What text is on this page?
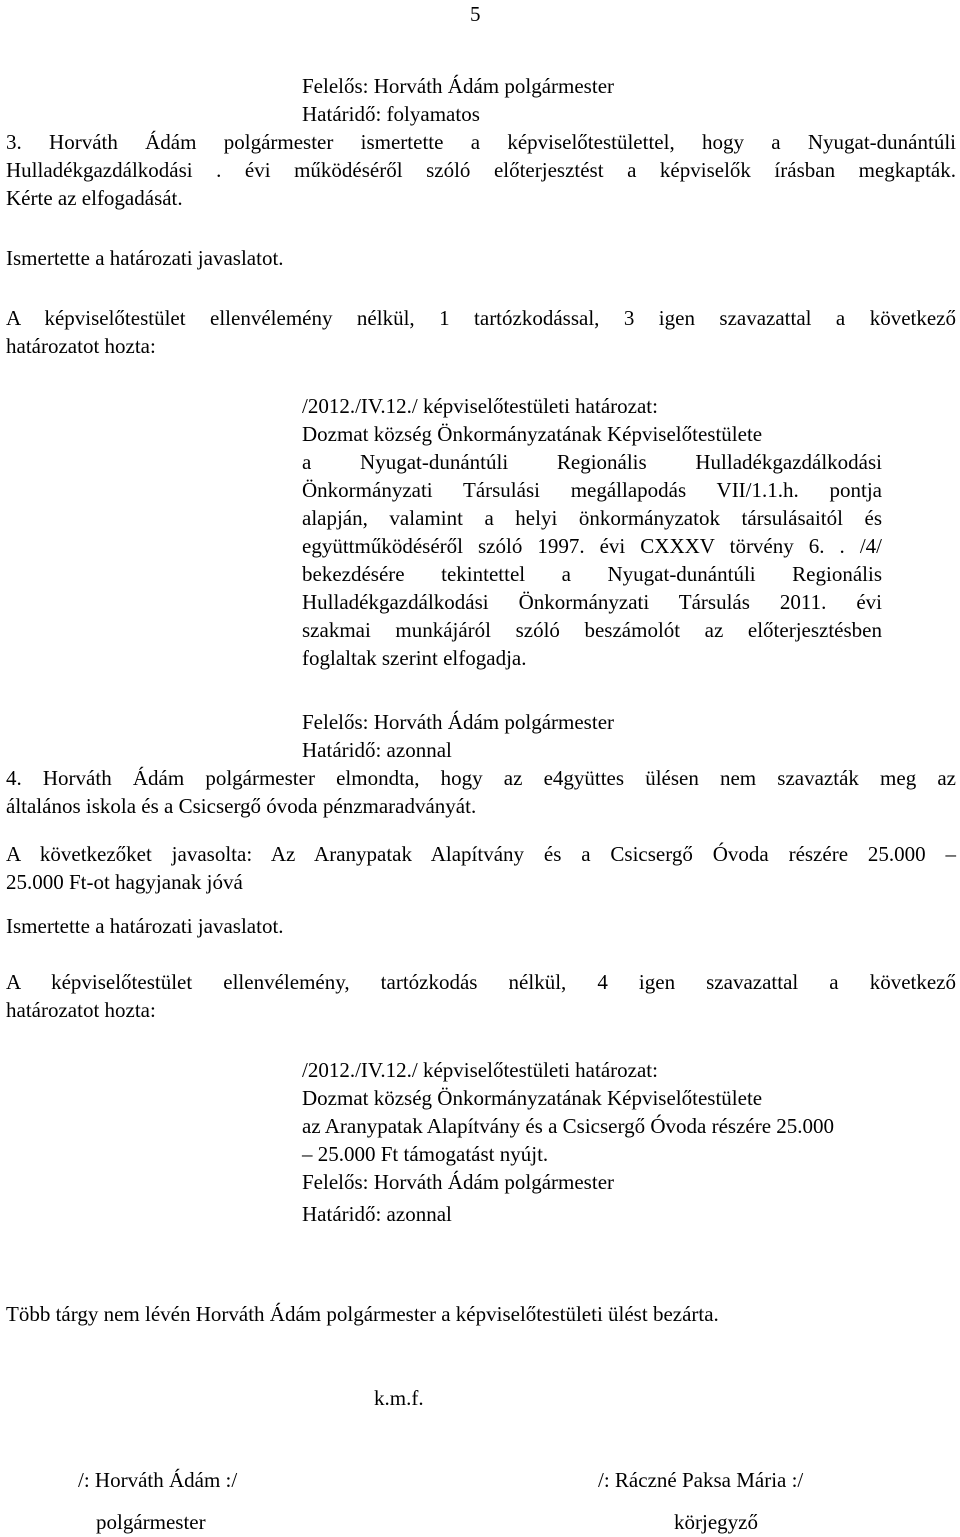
5
Felelős: Horváth Ádám polgármester
Határidő: folyamatos
3. Horváth Ádám polgármester ismertette a képviselőtestülettel, hogy a Nyugat-dunántúli
Hulladékgazdálkodási . évi működéséről szóló előterjesztést a képviselők írásban megkapták.
Kérte az elfogadását.
Ismertette a határozati javaslatot.
A képviselőtestület ellenvélemény nélkül, 1 tartózkodással, 3 igen szavazattal a következő
határozatot hozta:
/2012./IV.12./ képviselőtestületi határozat:
Dozmat község Önkormányzatának Képviselőtestülete
a Nyugat-dunántúli Regionális Hulladékgazdálkodási
Önkormányzati Társulási megállapodás VII/1.1.h. pontja
alapján, valamint a helyi önkormányzatok társulásaitól és
együttműködéséről szóló 1997. évi CXXXV törvény 6. . /4/
bekezdésére tekintettel a Nyugat-dunántúli Regionális
Hulladékgazdálkodási Önkormányzati Társulás 2011. évi
szakmai munkájáról szóló beszámolót az előterjesztésben
foglaltak szerint elfogadja.
Felelős: Horváth Ádám polgármester
Határidő: azonnal
4. Horváth Ádám polgármester elmondta, hogy az e4gyüttes ülésen nem szavazták meg az
általános iskola és a Csicsergő óvoda pénzmaradványát.
A következőket javasolta: Az Aranypatak Alapítvány és a Csicsergő Óvoda részére 25.000 –
25.000 Ft-ot hagyjanak jóvá
Ismertette a határozati javaslatot.
A képviselőtestület ellenvélemény, tartózkodás nélkül, 4 igen szavazattal a következő
határozatot hozta:
/2012./IV.12./ képviselőtestületi határozat:
Dozmat község Önkormányzatának Képviselőtestülete
az Aranypatak Alapítvány és a Csicsergő Óvoda részére 25.000
– 25.000 Ft támogatást nyújt.
Felelős: Horváth Ádám polgármester
Határidő: azonnal
Több tárgy nem lévén Horváth Ádám polgármester a képviselőtestületi ülést bezárta.
k.m.f.
/: Horváth Ádám :/
polgármester
/: Ráczné Paksa Mária :/
körjegyző
